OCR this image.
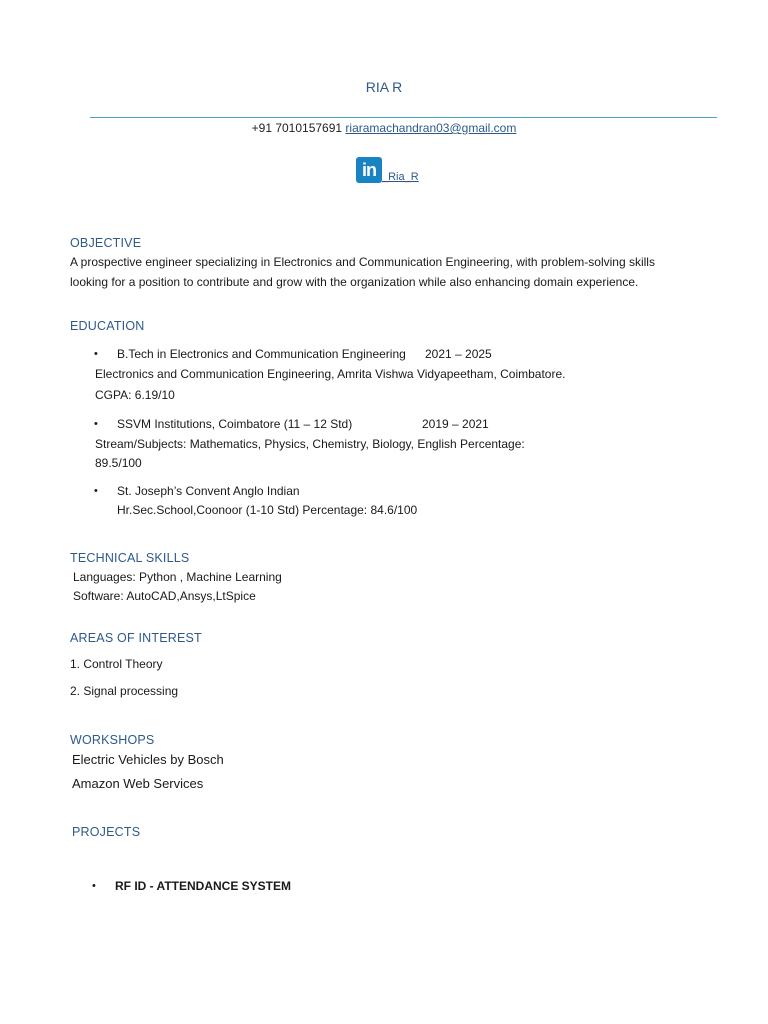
RIA R
+91 7010157691 riaramachandran03@gmail.com
in _Ria_R
OBJECTIVE
A prospective engineer specializing in Electronics and Communication Engineering, with problem-solving skills
looking for a position to contribute and grow with the organization while also enhancing domain experience.
EDUCATION
• B.Tech in Electronics and Communication Engineering 2021 – 2025
Electronics and Communication Engineering, Amrita Vishwa Vidyapeetham, Coimbatore.
CGPA: 6.19/10
• SSVM Institutions, Coimbatore (11 – 12 Std)	2019 – 2021
Stream/Subjects: Mathematics, Physics, Chemistry, Biology, English Percentage:
89.5/100
• St. Joseph’s Convent Anglo Indian
Hr.Sec.School,Coonoor (1-10 Std) Percentage: 84.6/100
TECHNICAL SKILLS
Languages: Python , Machine Learning
Software: AutoCAD,Ansys,LtSpice
AREAS OF INTEREST
1. Control Theory
2. Signal processing
WORKSHOPS
Electric Vehicles by Bosch
Amazon Web Services
PROJECTS
• RF ID - ATTENDANCE SYSTEM
